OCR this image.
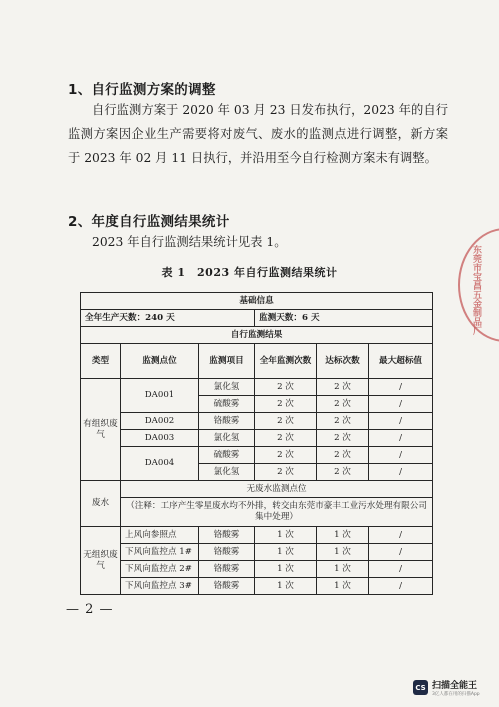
1、自行监测方案的调整
自行监测方案于 2020 年 03 月 23 日发布执行，2023 年的自行监测方案因企业生产需要将对废气、废水的监测点进行调整，新方案于 2023 年 02 月 11 日执行，并沿用至今自行检测方案未有调整。
2、年度自行监测结果统计
2023 年自行监测结果统计见表 1。
东莞市宝昌五金制品厂
表 1　2023 年自行监测结果统计
基础信息					
全年生产天数：240 天			监测天数：6 天		
自行监测结果					
类型	监测点位	监测项目	全年监测次数	达标次数	最大超标值
有组织废气	DA001	氯化氢	2 次	2 次	/
		硫酸雾	2 次	2 次	/
	DA002	铬酸雾	2 次	2 次	/
	DA003	氯化氢	2 次	2 次	/
	DA004	硫酸雾	2 次	2 次	/
		氯化氢	2 次	2 次	/
废水	无废水监测点位				
	（注释：工序产生零星废水均不外排，转交由东莞市豪丰工业污水处理有限公司集中处理）				
无组织废气	上风向参照点	铬酸雾	1 次	1 次	/
	下风向监控点 1#	铬酸雾	1 次	1 次	/
	下风向监控点 2#	铬酸雾	1 次	1 次	/
	下风向监控点 3#	铬酸雾	1 次	1 次	/
— 2 —
CS 扫描全能王
3亿人都在用的扫描App
